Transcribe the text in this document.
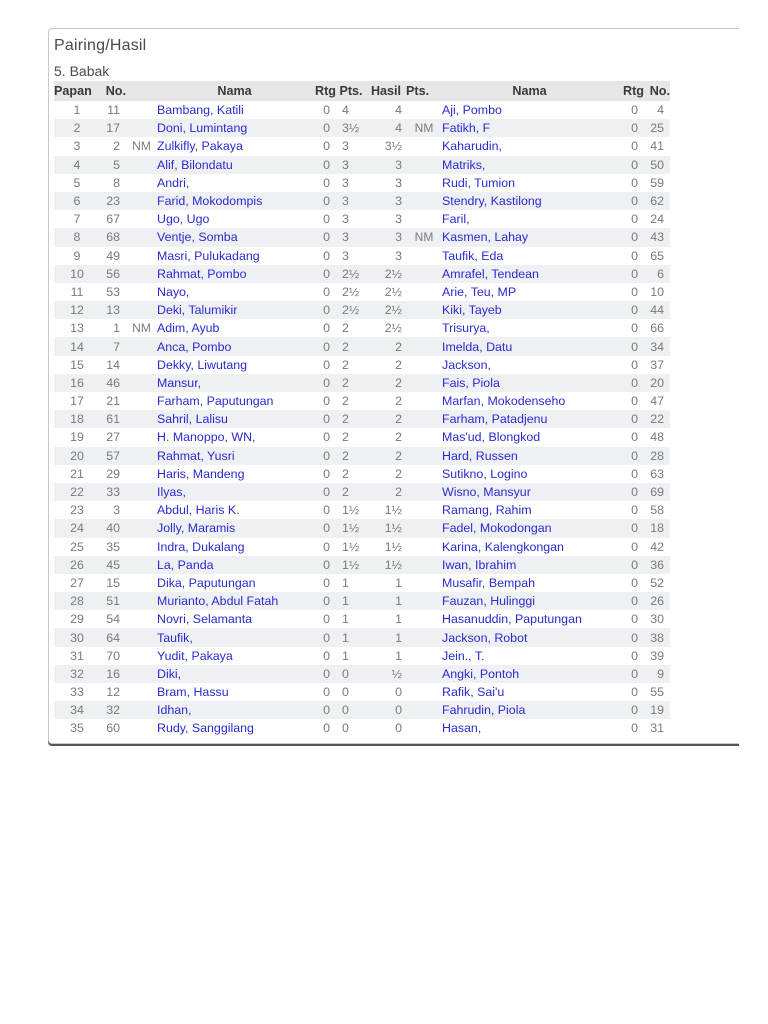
Pairing/Hasil
5. Babak
Papan	No.		Nama	Rtg	Pts.	Hasil	Pts.	Nama	Rtg	No.
1	11		Bambang, Katili	0	4	4		Aji, Pombo	0	4
2	17		Doni, Lumintang	0	3½	4	NM	Fatikh, F	0	25
3	2	NM	Zulkifly, Pakaya	0	3	3½		Kaharudin,	0	41
4	5		Alif, Bilondatu	0	3	3		Matriks,	0	50
5	8		Andri,	0	3	3		Rudi, Tumion	0	59
6	23		Farid, Mokodompis	0	3	3		Stendry, Kastilong	0	62
7	67		Ugo, Ugo	0	3	3		Faril,	0	24
8	68		Ventje, Somba	0	3	3	NM	Kasmen, Lahay	0	43
9	49		Masri, Pulukadang	0	3	3		Taufik, Eda	0	65
10	56		Rahmat, Pombo	0	2½	2½		Amrafel, Tendean	0	6
11	53		Nayo,	0	2½	2½		Arie, Teu, MP	0	10
12	13		Deki, Talumikir	0	2½	2½		Kiki, Tayeb	0	44
13	1	NM	Adim, Ayub	0	2	2½		Trisurya,	0	66
14	7		Anca, Pombo	0	2	2		Imelda, Datu	0	34
15	14		Dekky, Liwutang	0	2	2		Jackson,	0	37
16	46		Mansur,	0	2	2		Fais, Piola	0	20
17	21		Farham, Paputungan	0	2	2		Marfan, Mokodenseho	0	47
18	61		Sahril, Lalisu	0	2	2		Farham, Patadjenu	0	22
19	27		H. Manoppo, WN,	0	2	2		Mas'ud, Blongkod	0	48
20	57		Rahmat, Yusri	0	2	2		Hard, Russen	0	28
21	29		Haris, Mandeng	0	2	2		Sutikno, Logino	0	63
22	33		Ilyas,	0	2	2		Wisno, Mansyur	0	69
23	3		Abdul, Haris K.	0	1½	1½		Ramang, Rahim	0	58
24	40		Jolly, Maramis	0	1½	1½		Fadel, Mokodongan	0	18
25	35		Indra, Dukalang	0	1½	1½		Karina, Kalengkongan	0	42
26	45		La, Panda	0	1½	1½		Iwan, Ibrahim	0	36
27	15		Dika, Paputungan	0	1	1		Musafir, Bempah	0	52
28	51		Murianto, Abdul Fatah	0	1	1		Fauzan, Hulinggi	0	26
29	54		Novri, Selamanta	0	1	1		Hasanuddin, Paputungan	0	30
30	64		Taufik,	0	1	1		Jackson, Robot	0	38
31	70		Yudit, Pakaya	0	1	1		Jein., T.	0	39
32	16		Diki,	0	0	½		Angki, Pontoh	0	9
33	12		Bram, Hassu	0	0	0		Rafik, Sai'u	0	55
34	32		Idhan,	0	0	0		Fahrudin, Piola	0	19
35	60		Rudy, Sanggilang	0	0	0		Hasan,	0	31
